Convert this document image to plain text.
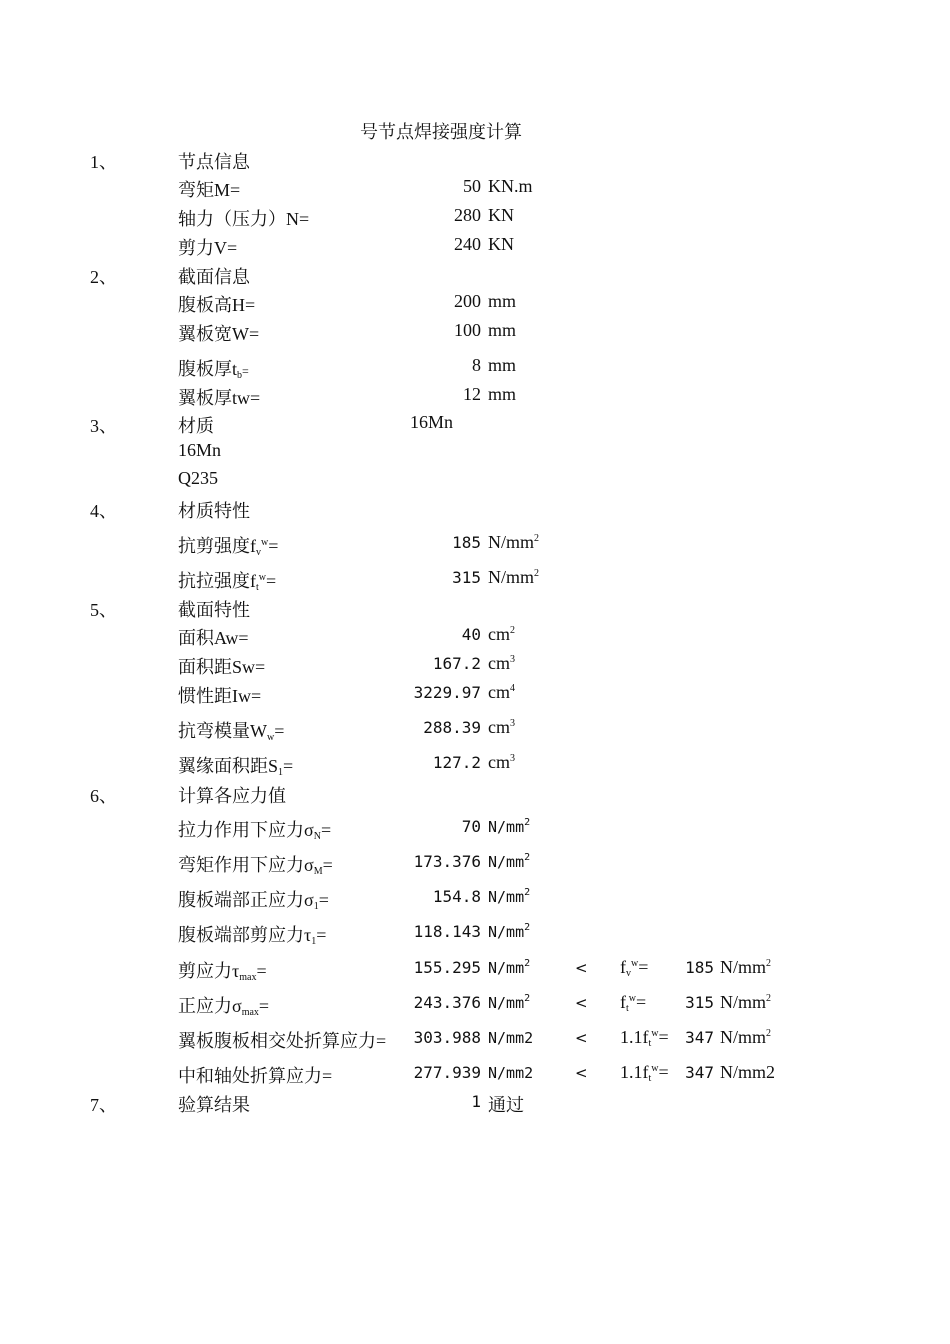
号节点焊接强度计算
1、	节点信息
弯矩M=	50 KN.m
轴力（压力）N=	280 KN
剪力V=	240 KN
2、	截面信息
腹板高H=	200 mm
翼板宽W=	100 mm
腹板厚$t_b=$	8 mm
翼板厚tw=	12 mm
3、	材质	16Mn
16Mn
Q235
4、	材质特性
抗剪强度$f_v^w=$	185 $N/mm^2$
抗拉强度$f_t^w=$	315 $N/mm^2$
5、	截面特性
面积Aw=	40 $cm^2$
面积距Sw=	167.2 $cm^3$
惯性距Iw=	3229.97 $cm^4$
抗弯模量$W_w=$	288.39 $cm^3$
翼缘面积距$S_1=$	127.2 $cm^3$
6、	计算各应力值
拉力作用下应力$\sigma_N=$	70 $N/mm^2$
弯矩作用下应力$\sigma_M=$	173.376 $N/mm^2$
腹板端部正应力$\sigma_1=$	154.8 $N/mm^2$
腹板端部剪应力$\tau_1=$	118.143 $N/mm^2$
剪应力$\tau_{max}=$	155.295 $N/mm^2$	< $f_v^w= 185$ $N/mm^2$
正应力$\sigma_{max}=$	243.376 $N/mm^2$	< $f_t^w= 315$ $N/mm^2$
翼板腹板相交处折算应力= 303.988 N/mm2	< $1.1f_t^w= 347$ $N/mm^2$
中和轴处折算应力=	277.939 N/mm2	< $1.1f_t^w= 347$ N/mm2
7、	验算结果	1 通过
